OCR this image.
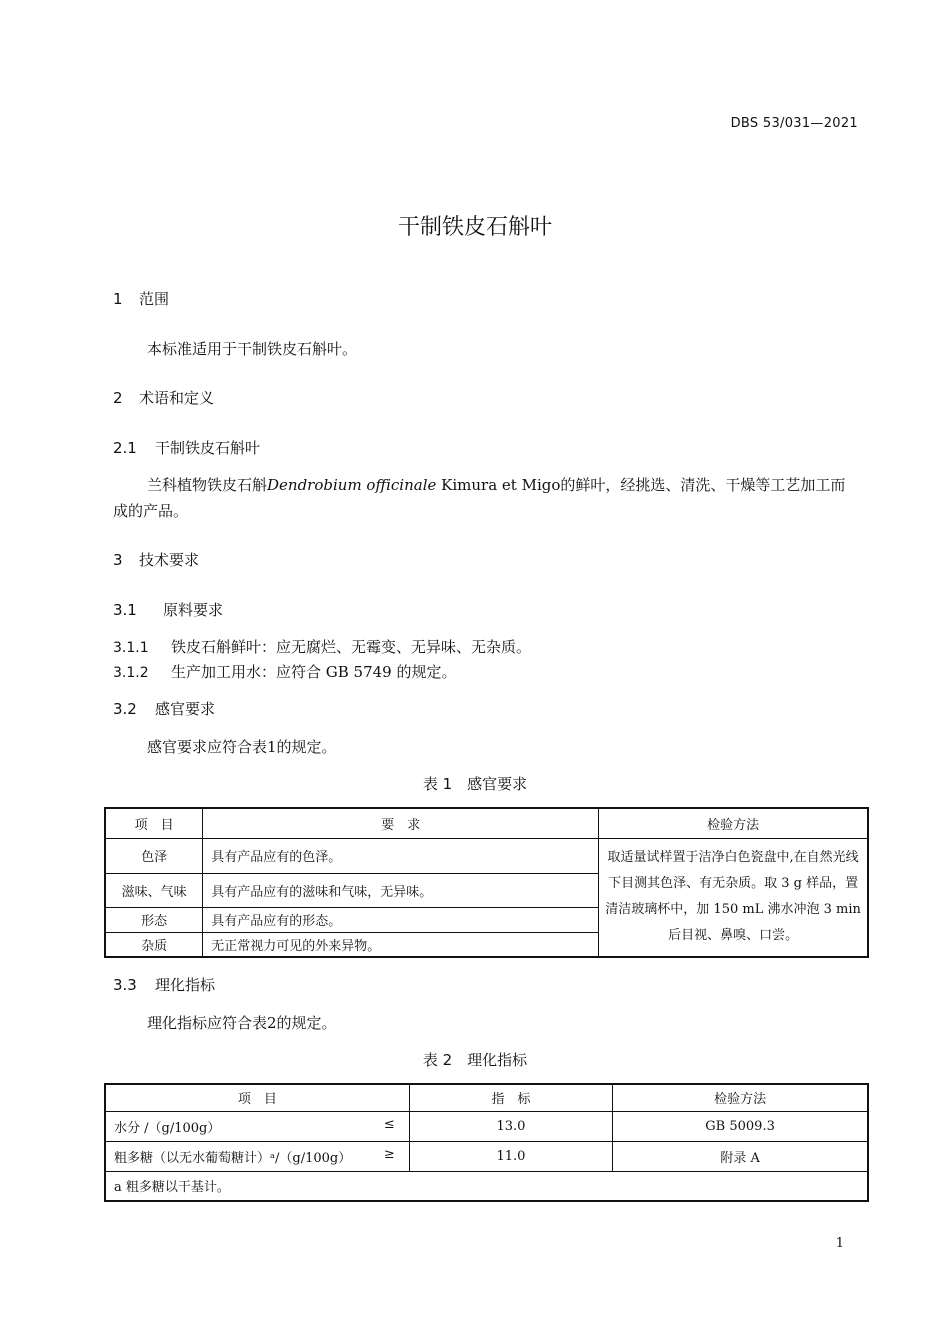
DBS 53/031—2021
干制铁皮石斛叶
1 范围
本标准适用于干制铁皮石斛叶。
2 术语和定义
2.1 干制铁皮石斛叶
兰科植物铁皮石斛Dendrobium officinale Kimura et Migo的鲜叶，经挑选、清洗、干燥等工艺加工而
成的产品。
3 技术要求
3.1 原料要求
3.1.1 铁皮石斛鲜叶：应无腐烂、无霉变、无异味、无杂质。
3.1.2 生产加工用水：应符合 GB 5749 的规定。
3.2 感官要求
感官要求应符合表1的规定。
表 1　感官要求
项　目	要　求	检验方法
色泽	具有产品应有的色泽。	取适量试样置于洁净白色瓷盘中,在自然光线下目测其色泽、有无杂质。取 3 g 样品，置清洁玻璃杯中，加 150 mL 沸水冲泡 3 min 后目视、鼻嗅、口尝。
滋味、气味	具有产品应有的滋味和气味，无异味。	
形态	具有产品应有的形态。	
杂质	无正常视力可见的外来异物。	
3.3 理化指标
理化指标应符合表2的规定。
表 2　理化指标
项　目	指　标	检验方法
水分 /（g/100g） ≤	13.0	GB 5009.3
粗多糖（以无水葡萄糖计）ᵃ/（g/100g） ≥	11.0	附录 A
a 粗多糖以干基计。		
1
